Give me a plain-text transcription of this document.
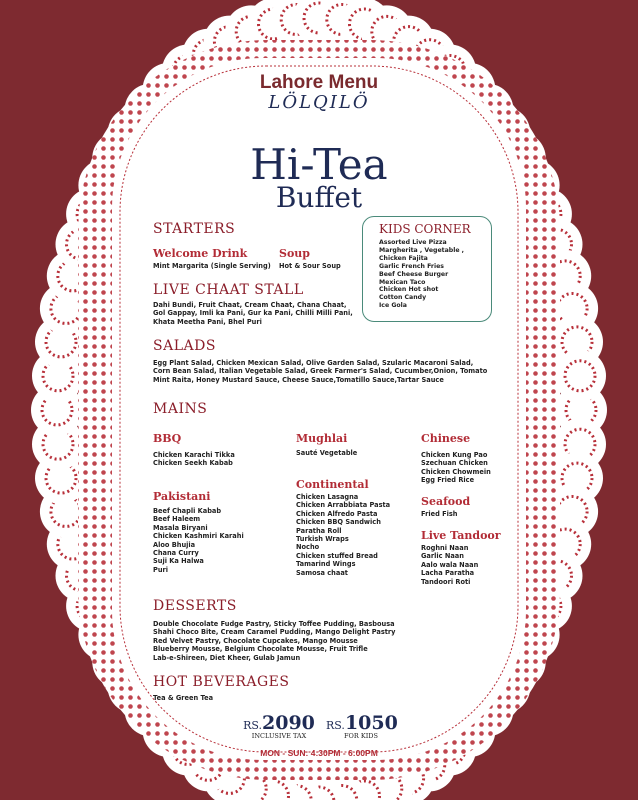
Lahore Menu
LÖLQILÖ
Hi-Tea
Buffet
STARTERS
Welcome Drink
Mint Margarita (Single Serving)
Soup
Hot & Sour Soup
KIDS CORNER
Assorted Live Pizza
Margherita , Vegetable , Chicken Fajita
Garlic French Fries
Beef Cheese Burger
Mexican Taco
Chicken Hot shot
Cotton Candy
Ice Gola
LIVE CHAAT STALL
Dahi Bundi, Fruit Chaat, Cream Chaat, Chana Chaat,
Gol Gappay, Imli ka Pani, Gur ka Pani, Chilli Milli Pani,
Khata Meetha Pani, Bhel Puri
SALADS
Egg Plant Salad, Chicken Mexican Salad, Olive Garden Salad, Szularic Macaroni Salad,
Corn Bean Salad, Italian Vegetable Salad, Greek Farmer's Salad, Cucumber,Onion, Tomato
Mint Raita, Honey Mustard Sauce, Cheese Sauce,Tomatillo Sauce,Tartar Sauce
MAINS
BBQ
Chicken Karachi Tikka
Chicken Seekh Kabab
Mughlai
Sauté Vegetable
Chinese
Chicken Kung Pao
Szechuan Chicken
Chicken Chowmein
Egg Fried Rice
Pakistani
Beef Chapli Kabab
Beef Haleem
Masala Biryani
Chicken Kashmiri Karahi
Aloo Bhujia
Chana Curry
Suji Ka Halwa
Puri
Continental
Chicken Lasagna
Chicken Arrabbiata Pasta
Chicken Alfredo Pasta
Chicken BBQ Sandwich
Paratha Roll
Turkish Wraps
Nocho
Chicken stuffed Bread
Tamarind Wings
Samosa chaat
Seafood
Fried Fish
Live Tandoor
Roghni Naan
Garlic Naan
Aalo wala Naan
Lacha Paratha
Tandoori Roti
DESSERTS
Double Chocolate Fudge Pastry, Sticky Toffee Pudding, Basbousa
Shahi Choco Bite, Cream Caramel Pudding, Mango Delight Pastry
Red Velvet Pastry, Chocolate Cupcakes, Mango Mousse
Blueberry Mousse, Belgium Chocolate Mousse, Fruit Trifle
Lab-e-Shireen, Diet Kheer, Gulab Jamun
HOT BEVERAGES
Tea & Green Tea
RS.2090
INCLUSIVE TAX
RS.1050
FOR KIDS
MON - SUN: 4:30PM - 6:00PM
